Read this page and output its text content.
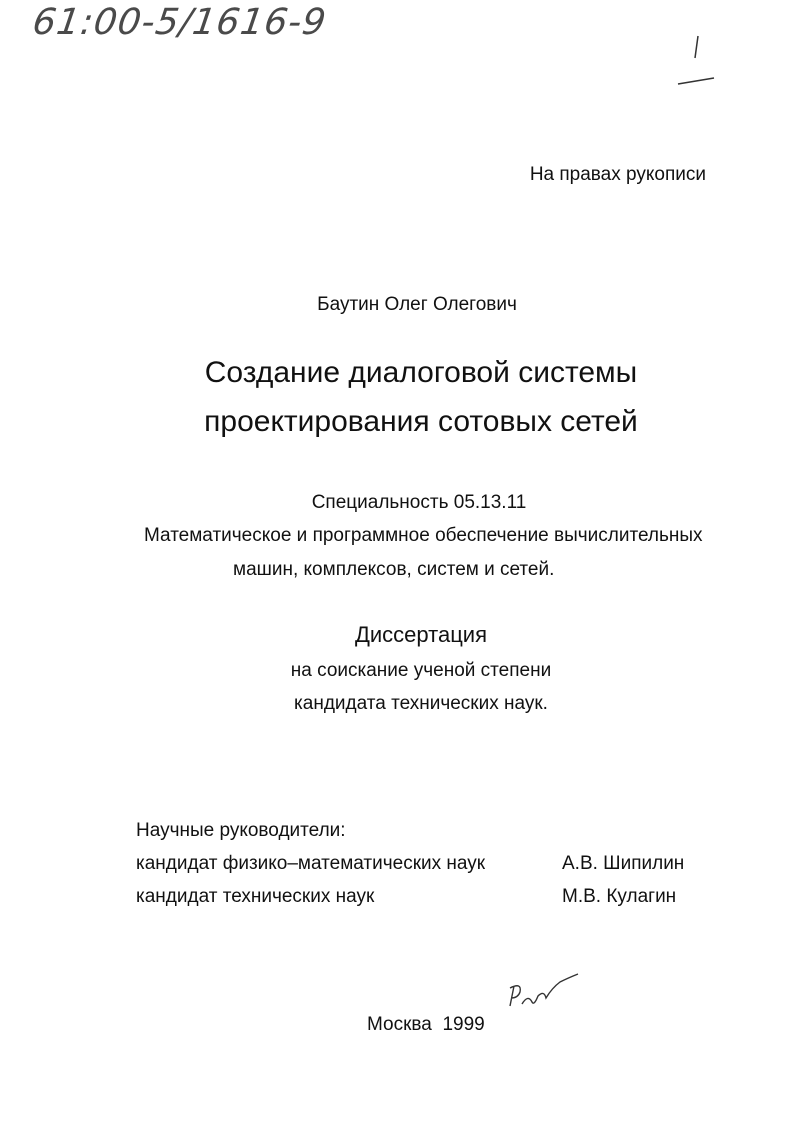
61:00-5/1616-9
На правах рукописи
Баутин Олег Олегович
Создание диалоговой системы
проектирования сотовых сетей
Специальность 05.13.11
Математическое и программное обеспечение вычислительных
машин, комплексов, систем и сетей.
Диссертация
на соискание ученой степени
кандидата технических наук.
Научные руководители:
кандидат физико–математических наук	А.В. Шипилин
кандидат технических наук	М.В. Кулагин
Москва 1999
